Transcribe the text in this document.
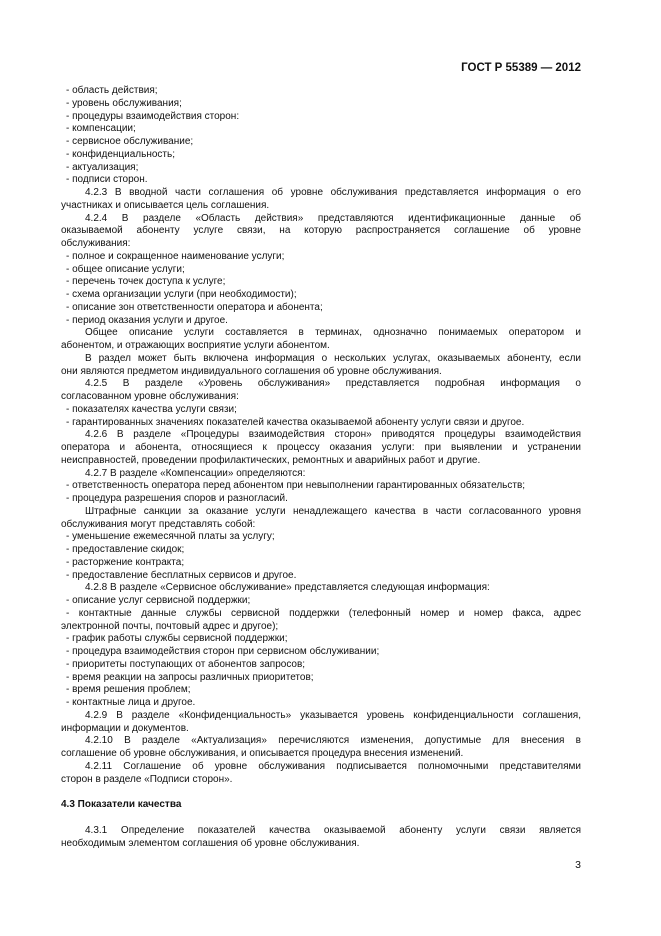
ГОСТ Р 55389 — 2012
- область действия;
- уровень обслуживания;
- процедуры взаимодействия сторон:
- компенсации;
- сервисное обслуживание;
- конфиденциальность;
- актуализация;
- подписи сторон.
4.2.3 В вводной части соглашения об уровне обслуживания представляется информация о его
участниках и описывается цель соглашения.
4.2.4 В разделе «Область действия» представляются идентификационные данные об
оказываемой абоненту услуге связи, на которую распространяется соглашение об уровне
обслуживания:
- полное и сокращенное наименование услуги;
- общее описание услуги;
- перечень точек доступа к услуге;
- схема организации услуги (при необходимости);
- описание зон ответственности оператора и абонента;
- период оказания услуги и другое.
Общее описание услуги составляется в терминах, однозначно понимаемых оператором и
абонентом, и отражающих восприятие услуги абонентом.
В раздел может быть включена информация о нескольких услугах, оказываемых абоненту, если
они являются предметом индивидуального соглашения об уровне обслуживания.
4.2.5 В разделе «Уровень обслуживания» представляется подробная информация о
согласованном уровне обслуживания:
- показателях качества услуги связи;
- гарантированных значениях показателей качества оказываемой абоненту услуги связи и другое.
4.2.6 В разделе «Процедуры взаимодействия сторон» приводятся процедуры взаимодействия
оператора и абонента, относящиеся к процессу оказания услуги: при выявлении и устранении
неисправностей, проведении профилактических, ремонтных и аварийных работ и другие.
4.2.7 В разделе «Компенсации» определяются:
- ответственность оператора перед абонентом при невыполнении гарантированных обязательств;
- процедура разрешения споров и разногласий.
Штрафные санкции за оказание услуги ненадлежащего качества в части согласованного уровня
обслуживания могут представлять собой:
- уменьшение ежемесячной платы за услугу;
- предоставление скидок;
- расторжение контракта;
- предоставление бесплатных сервисов и другое.
4.2.8 В разделе «Сервисное обслуживание» представляется следующая информация:
- описание услуг сервисной поддержки;
- контактные данные службы сервисной поддержки (телефонный номер и номер факса, адрес
электронной почты, почтовый адрес и другое);
- график работы службы сервисной поддержки;
- процедура взаимодействия сторон при сервисном обслуживании;
- приоритеты поступающих от абонентов запросов;
- время реакции на запросы различных приоритетов;
- время решения проблем;
- контактные лица и другое.
4.2.9 В разделе «Конфиденциальность» указывается уровень конфиденциальности соглашения,
информации и документов.
4.2.10 В разделе «Актуализация» перечисляются изменения, допустимые для внесения в
соглашение об уровне обслуживания, и описывается процедура внесения изменений.
4.2.11 Соглашение об уровне обслуживания подписывается полномочными представителями
сторон в разделе «Подписи сторон».
4.3 Показатели качества
4.3.1 Определение показателей качества оказываемой абоненту услуги связи является
необходимым элементом соглашения об уровне обслуживания.
3
